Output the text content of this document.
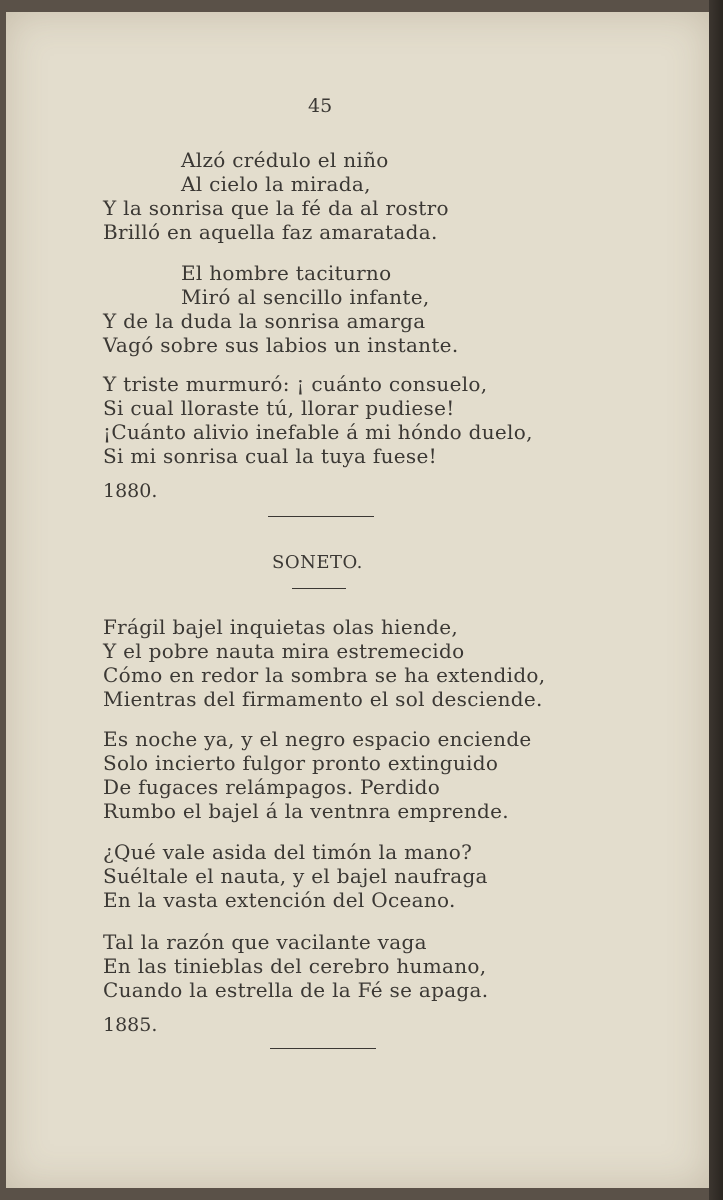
45
Alzó crédulo el niño
Al cielo la mirada,
Y la sonrisa que la fé da al rostro
Brilló en aquella faz amaratada.
El hombre taciturno
Miró al sencillo infante,
Y de la duda la sonrisa amarga
Vagó sobre sus labios un instante.
Y triste murmuró: ¡ cuánto consuelo,
Si cual lloraste tú, llorar pudiese!
¡Cuánto alivio inefable á mi hóndo duelo,
Si mi sonrisa cual la tuya fuese!
1880.
SONETO.
Frágil bajel inquietas olas hiende,
Y el pobre nauta mira estremecido
Cómo en redor la sombra se ha extendido,
Mientras del firmamento el sol desciende.
Es noche ya, y el negro espacio enciende
Solo incierto fulgor pronto extinguido
De fugaces relámpagos. Perdido
Rumbo el bajel á la ventnra emprende.
¿Qué vale asida del timón la mano?
Suéltale el nauta, y el bajel naufraga
En la vasta extención del Oceano.
Tal la razón que vacilante vaga
En las tinieblas del cerebro humano,
Cuando la estrella de la Fé se apaga.
1885.
